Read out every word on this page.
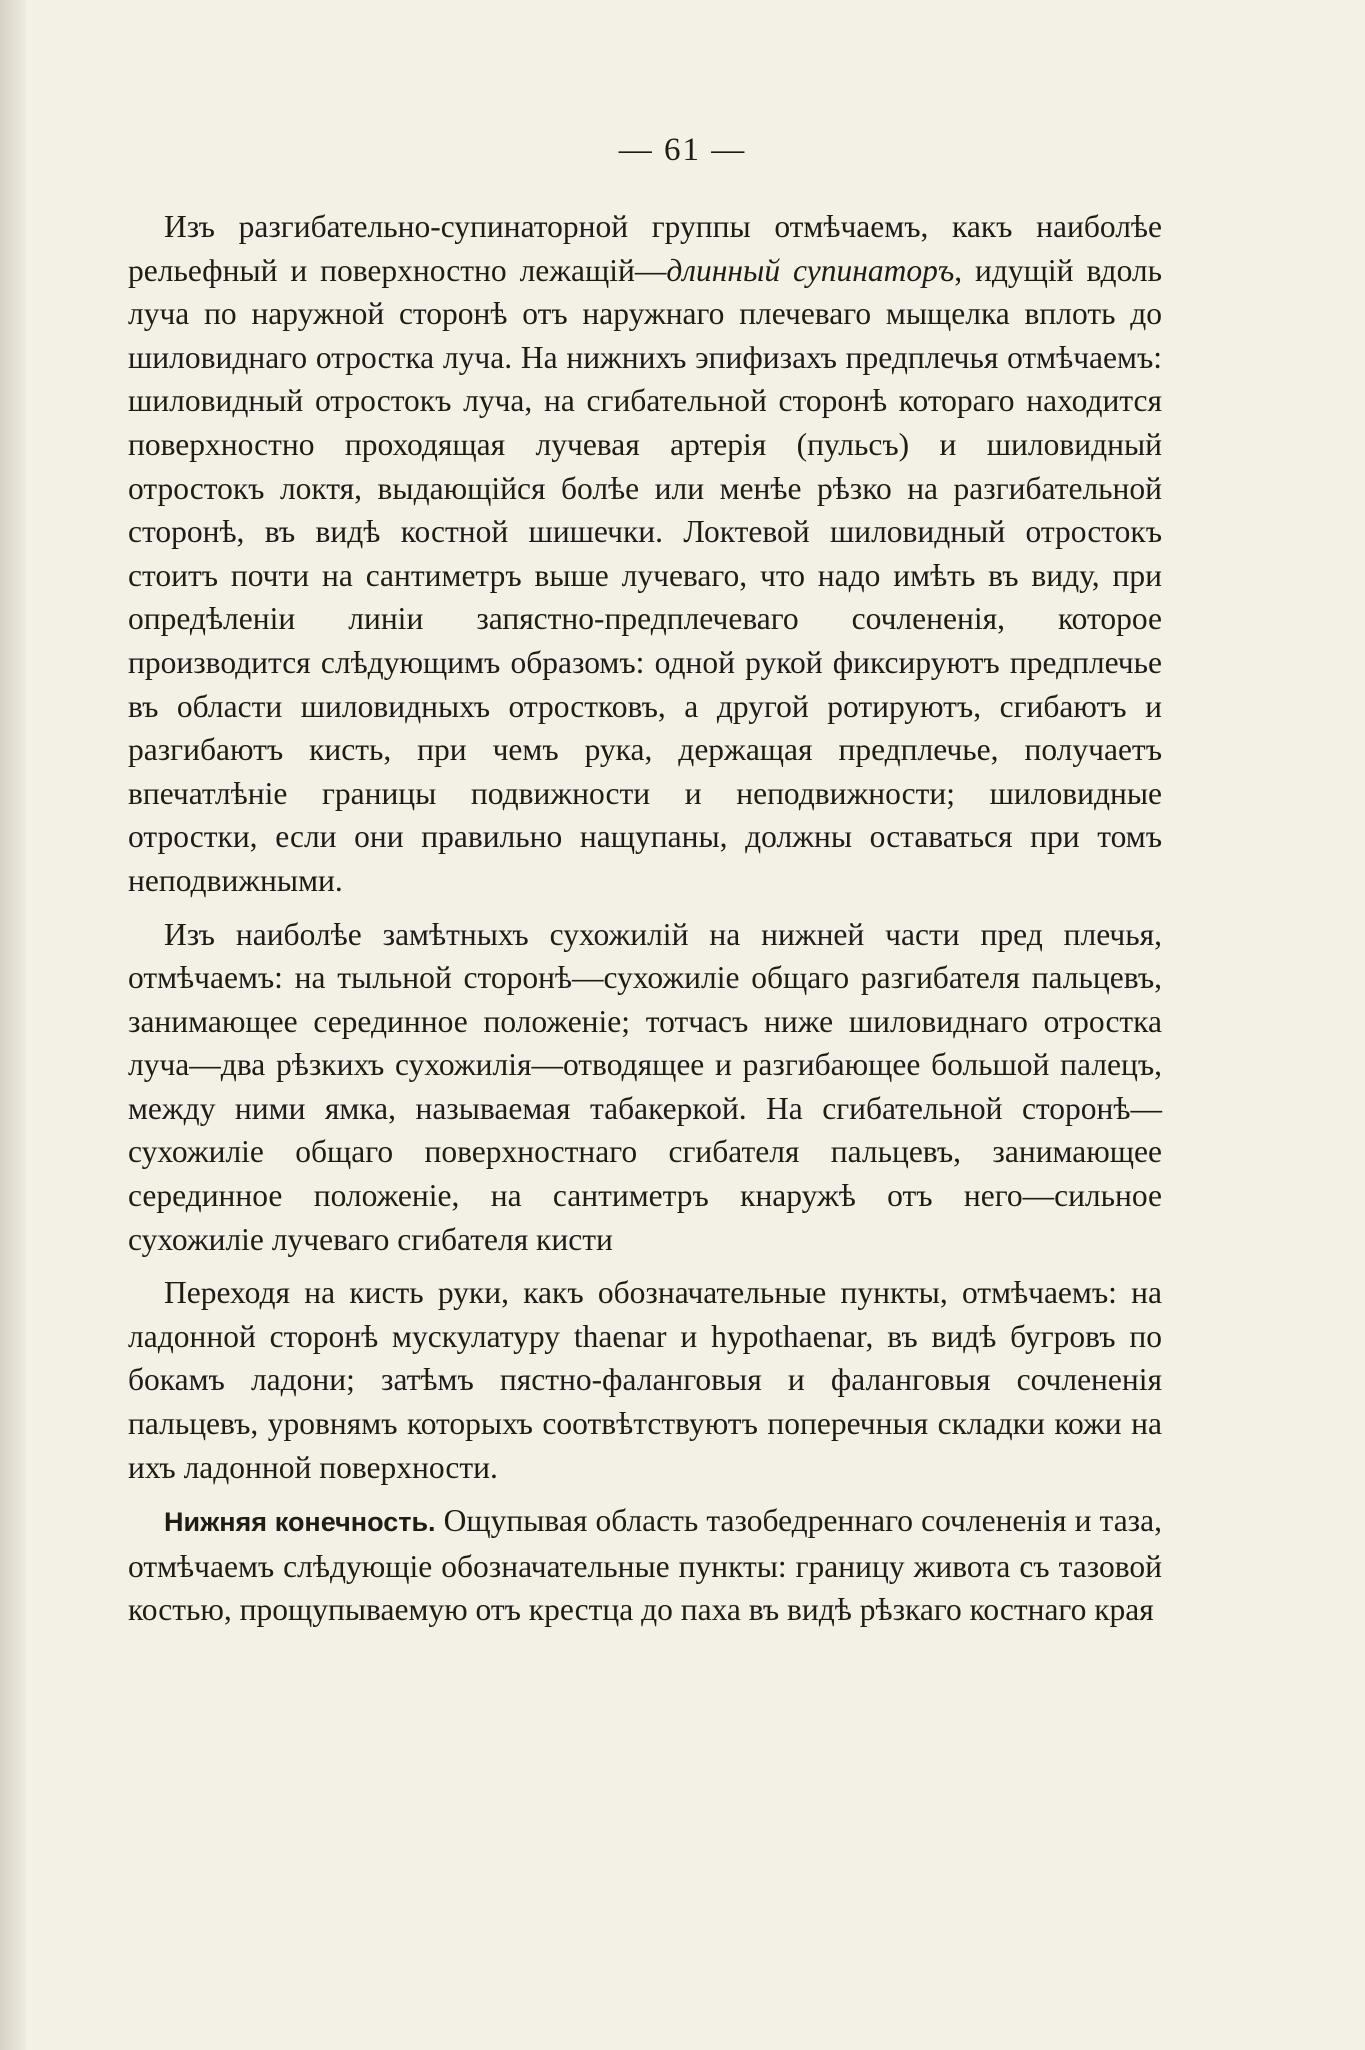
— 61 —

Изъ разгибательно-супинаторной группы отмѣчаемъ, какъ наиболѣе рельефный и поверхностно лежащій—длинный супинаторъ, идущій вдоль луча по наружной сторонѣ отъ наружнаго плечеваго мыщелка вплоть до шиловиднаго отростка луча. На нижнихъ эпифизахъ предплечья отмѣчаемъ: шиловидный отростокъ луча, на сгибательной сторонѣ котораго находится поверхностно проходящая лучевая артерія (пульсъ) и шиловидный отростокъ локтя, выдающійся болѣе или менѣе рѣзко на разгибательной сторонѣ, въ видѣ костной шишечки. Локтевой шиловидный отростокъ стоитъ почти на сантиметръ выше лучеваго, что надо имѣть въ виду, при опредѣленіи линіи запястно-предплечеваго сочлененія, которое производится слѣдующимъ образомъ: одной рукой фиксируютъ предплечье въ области шиловидныхъ отростковъ, а другой ротируютъ, сгибаютъ и разгибаютъ кисть, при чемъ рука, держащая предплечье, получаетъ впечатлѣніе границы подвижности и неподвижности; шиловидные отростки, если они правильно нащупаны, должны оставаться при томъ неподвижными.

Изъ наиболѣе замѣтныхъ сухожилій на нижней части пред плечья, отмѣчаемъ: на тыльной сторонѣ—сухожиліе общаго разгибателя пальцевъ, занимающее серединное положеніе; тотчасъ ниже шиловиднаго отростка луча—два рѣзкихъ сухожилія—отводящее и разгибающее большой палецъ, между ними ямка, называемая табакеркой. На сгибательной сторонѣ—сухожиліе общаго поверхностнаго сгибателя пальцевъ, занимающее серединное положеніе, на сантиметръ кнаружѣ отъ него—сильное сухожиліе лучеваго сгибателя кисти

Переходя на кисть руки, какъ обозначательные пункты, отмѣчаемъ: на ладонной сторонѣ мускулатуру thaenar и hypothaenar, въ видѣ бугровъ по бокамъ ладони; затѣмъ пястно-фаланговыя и фаланговыя сочлененія пальцевъ, уровнямъ которыхъ соотвѣтствуютъ поперечныя складки кожи на ихъ ладонной поверхности.

Нижняя конечность. Ощупывая область тазобедреннаго сочлененія и таза, отмѣчаемъ слѣдующіе обозначательные пункты: границу живота съ тазовой костью, прощупываемую отъ крестца до паха въ видѣ рѣзкаго костнаго края
